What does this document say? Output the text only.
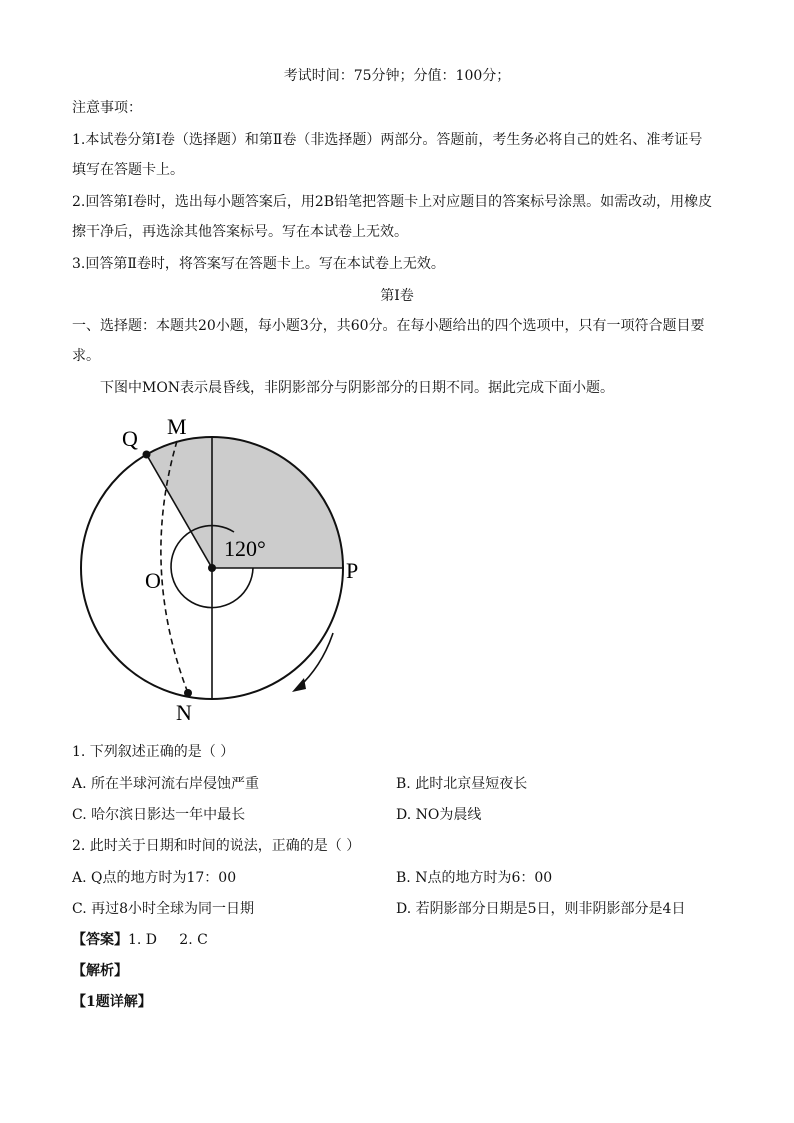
考试时间：75分钟；分值：100分；
注意事项：
1.本试卷分第Ⅰ卷（选择题）和第Ⅱ卷（非选择题）两部分。答题前，考生务必将自己的姓名、准考证号
填写在答题卡上。
2.回答第Ⅰ卷时，选出每小题答案后，用2B铅笔把答题卡上对应题目的答案标号涂黑。如需改动，用橡皮
擦干净后，再选涂其他答案标号。写在本试卷上无效。
3.回答第Ⅱ卷时，将答案写在答题卡上。写在本试卷上无效。
第Ⅰ卷
一、选择题：本题共20小题，每小题3分，共60分。在每小题给出的四个选项中，只有一项符合题目要
求。
下图中MON表示晨昏线，非阴影部分与阴影部分的日期不同。据此完成下面小题。
Q M
O	P
N
120°
1. 下列叙述正确的是（ ）
A. 所在半球河流右岸侵蚀严重	B. 此时北京昼短夜长
C. 哈尔滨日影达一年中最长	D. NO为晨线
2. 此时关于日期和时间的说法，正确的是（ ）
A. Q点的地方时为17：00	B. N点的地方时为6：00
C. 再过8小时全球为同一日期	D. 若阴影部分日期是5日，则非阴影部分是4日
【答案】1. D     2. C
【解析】
【1题详解】
